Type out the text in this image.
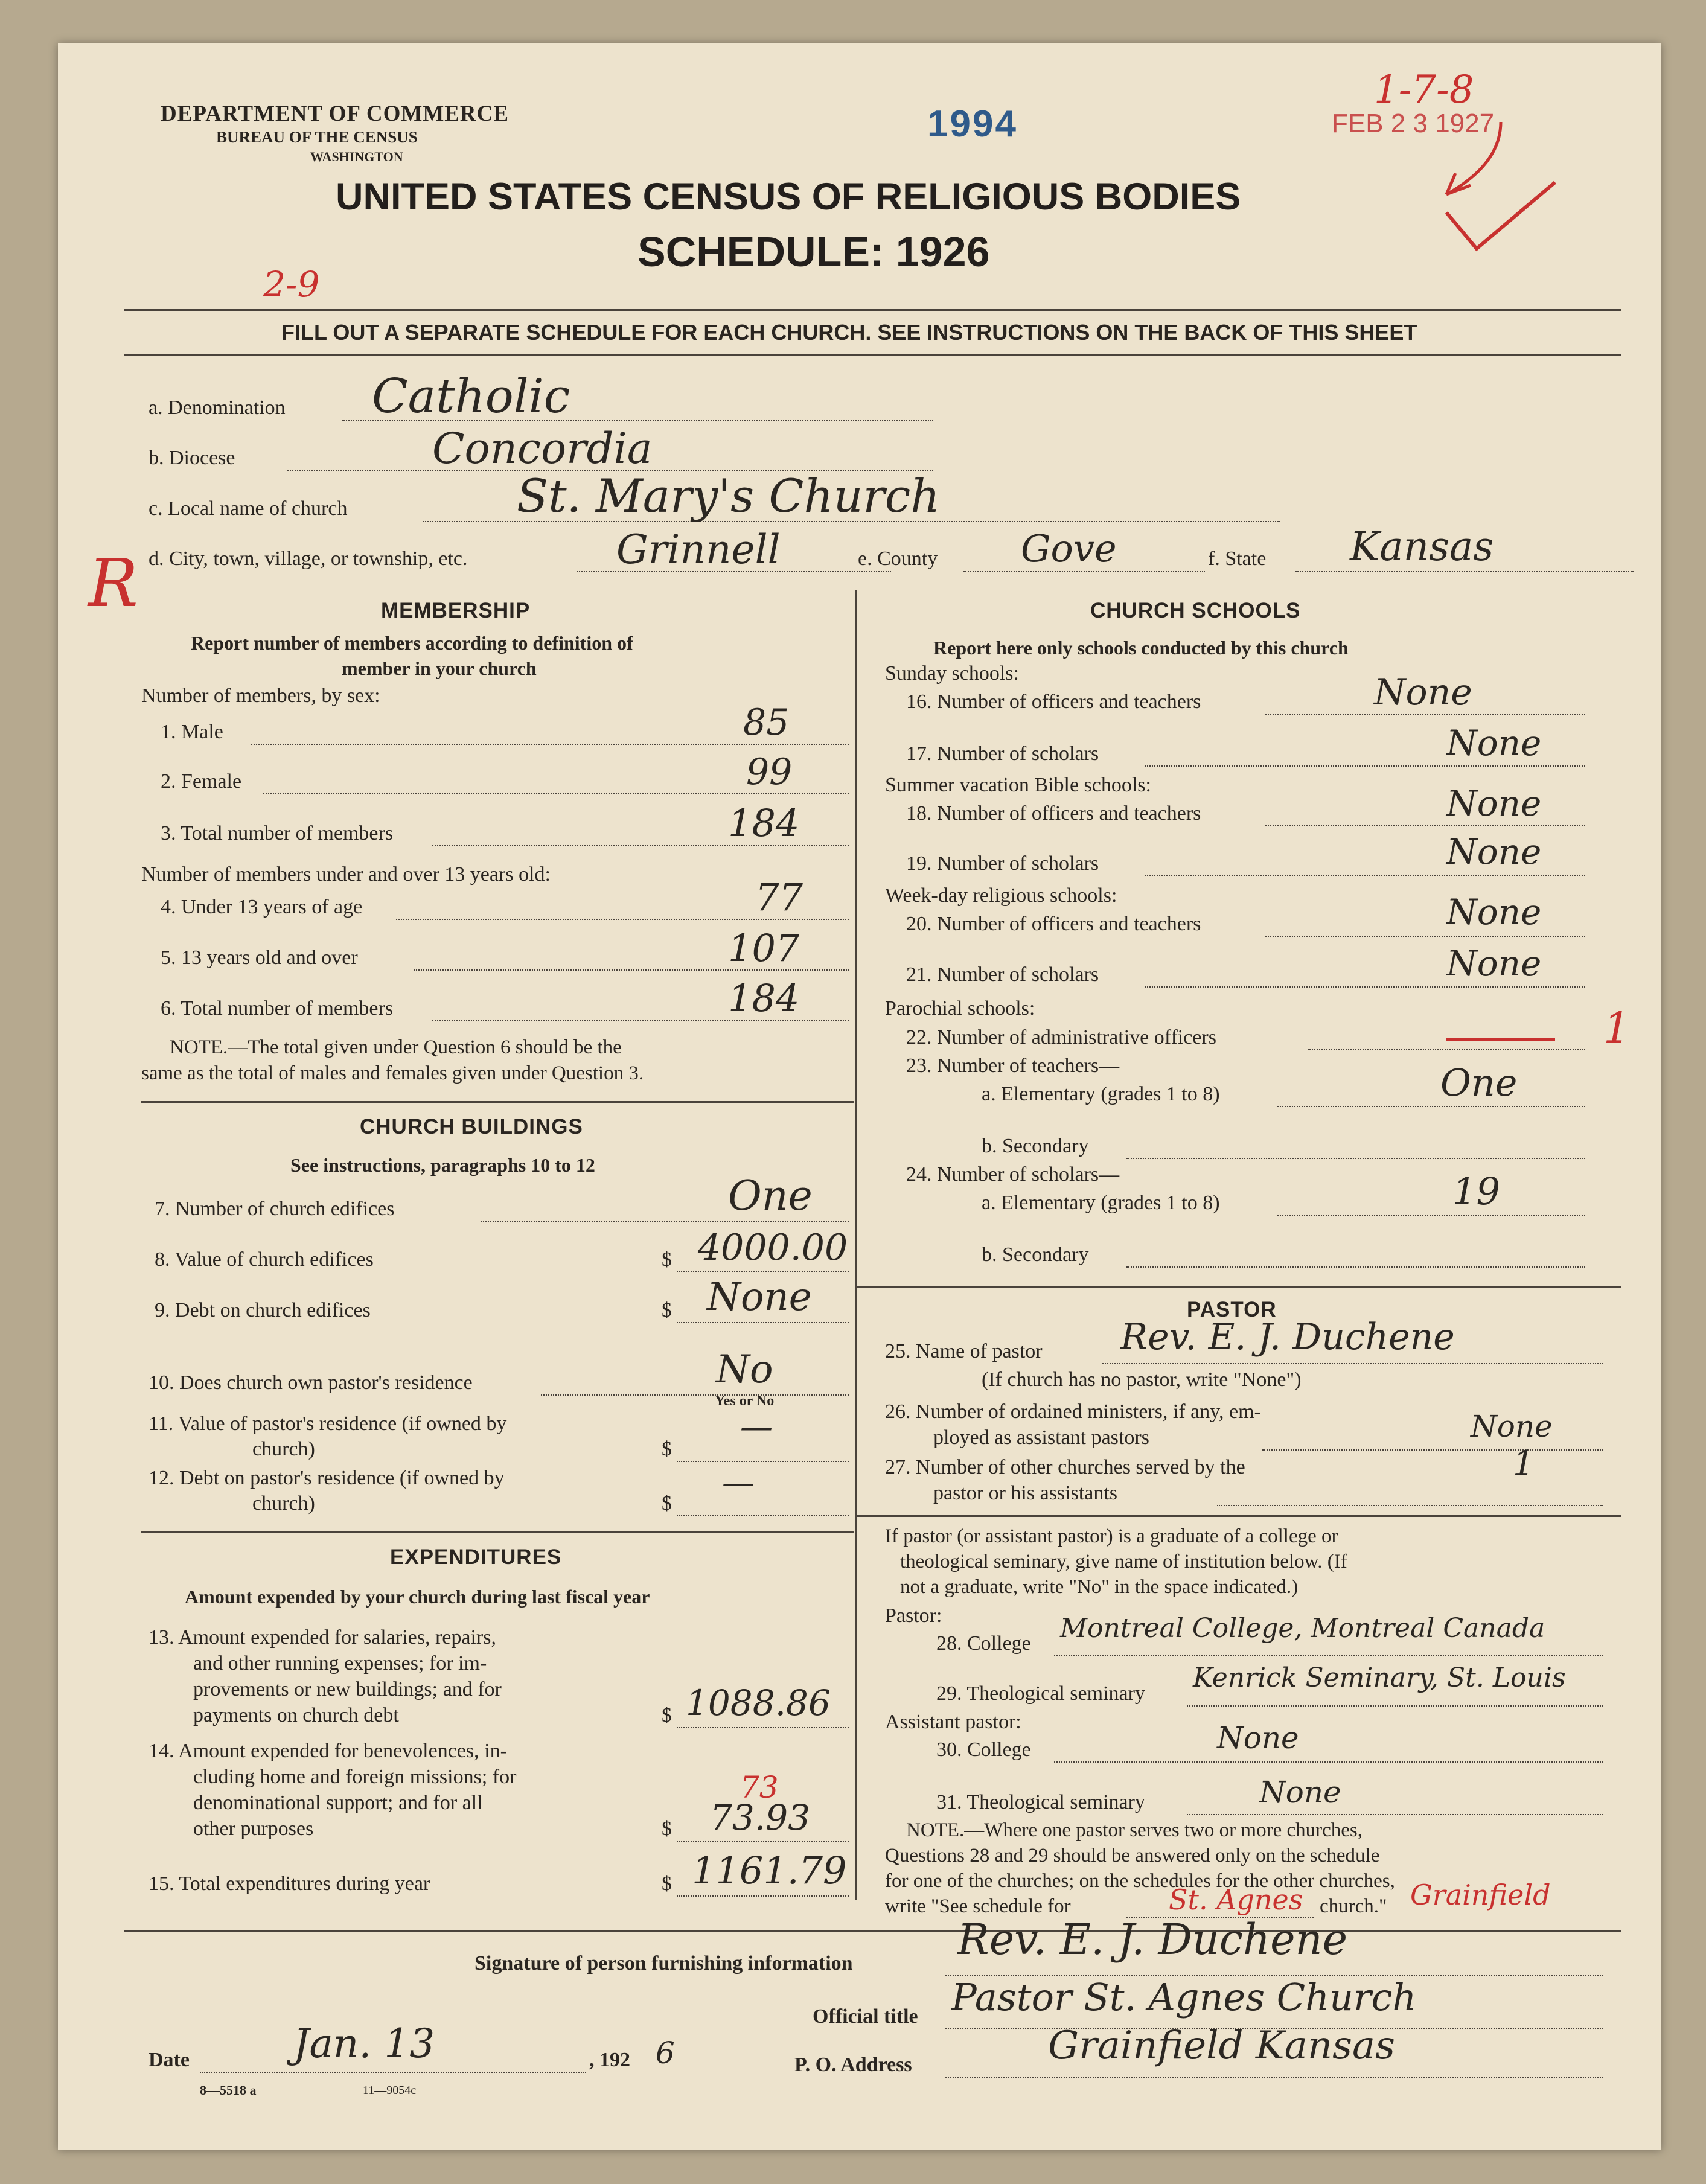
DEPARTMENT OF COMMERCE
BUREAU OF THE CENSUS
WASHINGTON
1994	FEB 2 3 1927
1-7-8
UNITED STATES CENSUS OF RELIGIOUS BODIES
SCHEDULE: 1926
2-9
FILL OUT A SEPARATE SCHEDULE FOR EACH CHURCH. SEE INSTRUCTIONS ON THE BACK OF THIS SHEET
R
a. Denomination Catholic
b. Diocese	Concordia
c. Local name of church	St. Mary's Church
d. City, town, village, or township, etc.	Grinnell	e. County Gove	f. State Kansas
MEMBERSHIP
Report number of members according to definition of
member in your church
Number of members, by sex:
1. Male	85
2. Female	99
3. Total number of members	184
Number of members under and over 13 years old:
4. Under 13 years of age	77
5. 13 years old and over	107
6. Total number of members	184
NOTE.—The total given under Question 6 should be the
same as the total of males and females given under Question 3.
CHURCH BUILDINGS
See instructions, paragraphs 10 to 12
7. Number of church edifices	One
8. Value of church edifices	$ 4000.00
9. Debt on church edifices	$ None
10. Does church own pastor's residence	No
Yes or No
11. Value of pastor's residence (if owned by
church)	$
—
12. Debt on pastor's residence (if owned by
church)	$
—
EXPENDITURES
Amount expended by your church during last fiscal year
13. Amount expended for salaries, repairs,
and other running expenses; for im-
provements or new buildings; and for
payments on church debt	$ 1088.86
14. Amount expended for benevolences, in-
cluding home and foreign missions; for
denominational support; and for all
other purposes
73
$ 73.93
15. Total expenditures during year	$ 1161.79
CHURCH SCHOOLS
Report here only schools conducted by this church
Sunday schools:
16. Number of officers and teachers	None
17. Number of scholars	None
Summer vacation Bible schools:
18. Number of officers and teachers	None
19. Number of scholars	None
Week-day religious schools:
20. Number of officers and teachers	None
21. Number of scholars	None
Parochial schools:
22. Number of administrative officers	1
23. Number of teachers—
a. Elementary (grades 1 to 8)	One
b. Secondary
24. Number of scholars—
a. Elementary (grades 1 to 8)	19
b. Secondary
PASTOR
25. Name of pastor Rev. E. J. Duchene
(If church has no pastor, write "None")
26. Number of ordained ministers, if any, em-
ployed as assistant pastors	None
27. Number of other churches served by the
pastor or his assistants
1
If pastor (or assistant pastor) is a graduate of a college or
theological seminary, give name of institution below. (If
not a graduate, write "No" in the space indicated.)
Pastor:
28. College Montreal College, Montreal Canada
29. Theological seminary
Kenrick Seminary, St. Louis
Assistant pastor:
30. College	None
31. Theological seminary	None
NOTE.—Where one pastor serves two or more churches,
Questions 28 and 29 should be answered only on the schedule
for one of the churches; on the schedules for the other churches,
write "See schedule for	St. Agnes church." Grainfield
Signature of person furnishing information Rev. E. J. Duchene
Official title Pastor St. Agnes Church
Date	Jan. 13	, 192 6	P. O. Address	Grainfield Kansas
8—5518 a	11—9054c
